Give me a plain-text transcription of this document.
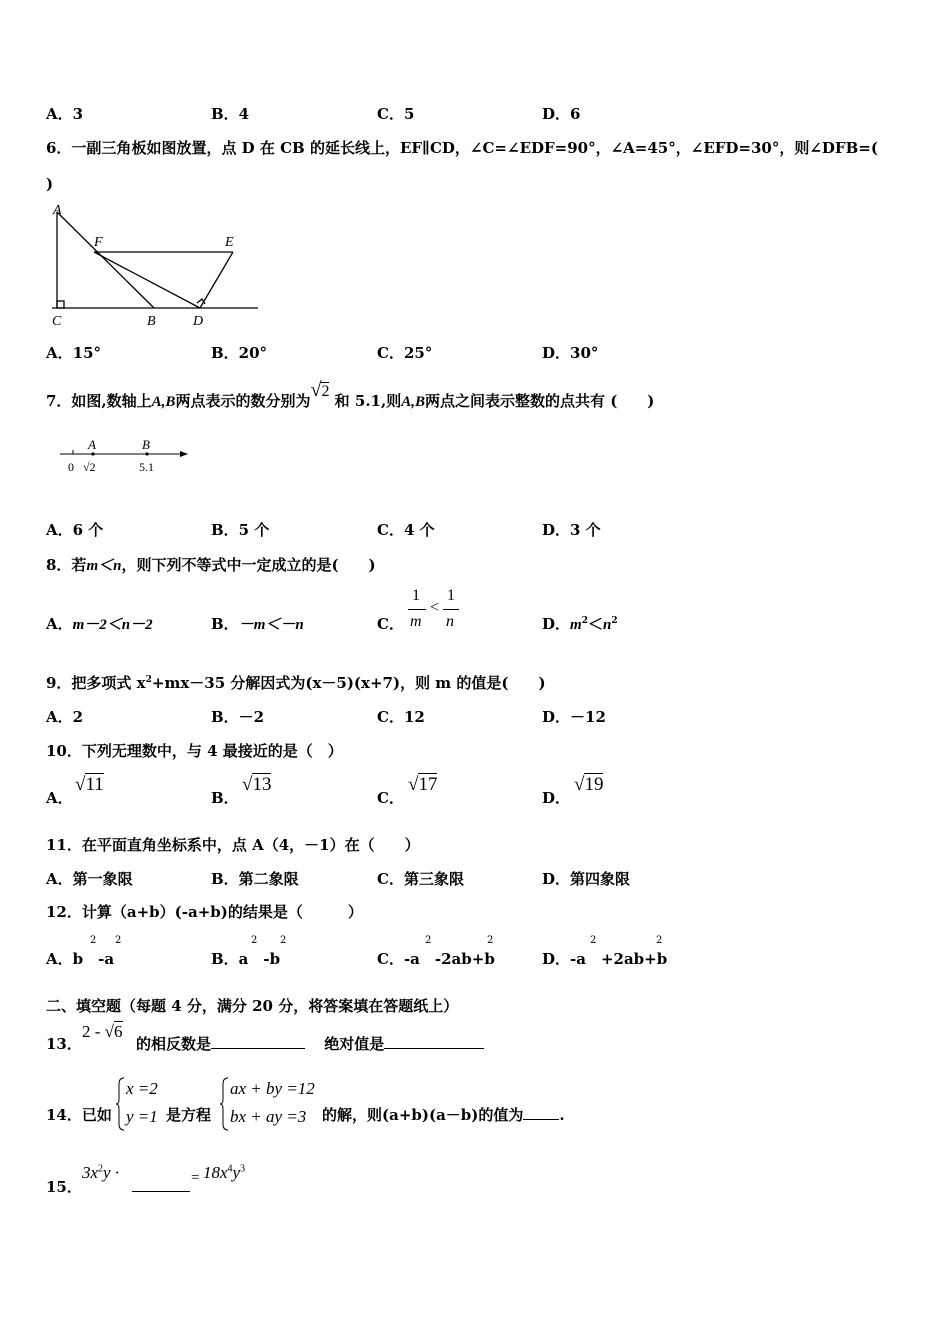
A．3	B．4	C．5	D．6
6．一副三角板如图放置，点 D 在 CB 的延长线上，EF∥CD，∠C=∠EDF=90°，∠A=45°，∠EFD=30°，则∠DFB=(
)
A
F	E
C	B	D
A．15°	B．20°	C．25°	D．30°
7．如图,数轴上A,B两点表示的数分别为√2 和 5.1,则A,B两点之间表示整数的点共有 (　　)
A	B
0 √2	5.1
A．6 个	B．5 个	C．4 个	D．3 个
8．若m＜n，则下列不等式中一定成立的是(　　)
A．m－2＜n－2	B．－m＜－n	C．
1
m
<
1
n	D．$m^2<n^2$
9．把多项式 $x^2+mx-35$ 分解因式为(x－5)(x+7)，则 m 的值是(　　)
A．2	B．－2	C．12	D．－12
10．下列无理数中，与 4 最接近的是（　）
A．	B．	C．	D．
√11	√13	√17	√19
11．在平面直角坐标系中，点 A（4，－1）在（　　）
A．第一象限	B．第二象限	C．第三象限	D．第四象限
12．计算（a+b）(-a+b)的结果是（　　　）
A．b　-a	B．a　-b	C．-a　-2ab+b	D．-a　+2ab+b
2 2	2 2	2	2	2	2
二、填空题（每题 4 分，满分 20 分，将答案填在答题纸上）
13．
2 - √6
的相反数是	绝对值是
14．已如
x =2
y =1 是方程
ax + by =12
bx + ay =3 的解，则(a+b)(a－b)的值为 .
15．
$3x^2y$ ·	= $18x^4y^3$
